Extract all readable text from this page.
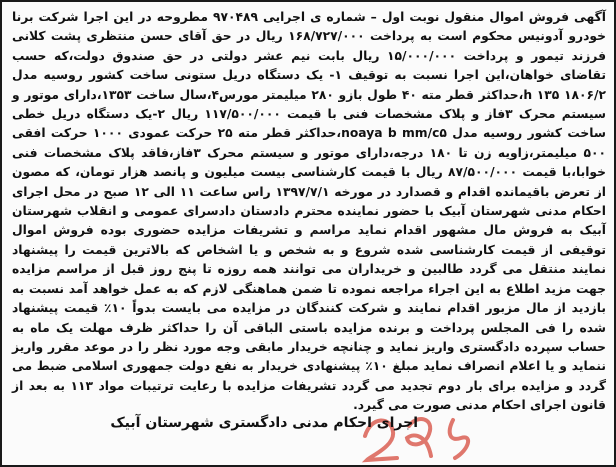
آگهی فروش اموال منقول نوبت اول – شماره ی اجرایی ۹۷۰۴۸۹ مطروحه در این اجرا شرکت برنا خودرو آدونیس محکوم است به پرداخت ۱۶۸/۷۲۷/۰۰۰ ریال در حق آقای حسن منتظری پشت کلانی فرزند تیمور و پرداخت ۱۵/۰۰۰/۰۰۰ ریال بابت نیم عشر دولتی در حق صندوق دولت،که حسب تقاضای خواهان،این اجرا نسبت به توقیف ۱- یک دستگاه دریل ستونی ساخت کشور روسیه مدل ۱۸۰۶/۲ h ۱۳۵،حداکثر قطر مته ۴۰ طول بازو ۲۸۰ میلیمتر مورس۴،سال ساخت ۱۳۵۳،دارای موتور و سیستم محرک ۳فاز و پلاک مشخصات فنی با قیمت ۱۱۷/۵۰۰/۰۰۰ ریال ۲-یک دستگاه دریل خطی ساخت کشور روسیه مدل noaya b mm/c۵،حداکثر قطر مته ۲۵ حرکت عمودی ۱۰۰۰ حرکت افقی ۵۰۰ میلیمتر،زاویه زن تا ۱۸۰ درجه،دارای موتور و سیستم محرک ۳فاز،فاقد پلاک مشخصات فنی خوابا،با قیمت ۸۷/۵۰۰/۰۰۰ ریال با قیمت کارشناسی بیست میلیون و پانصد هزار تومان، که مصون از تعرض باقیمانده اقدام و قصدارد در مورخه ۱۳۹۷/۷/۱ راس ساعت ۱۱ الی ۱۲ صبح در محل اجرای احکام مدنی شهرستان آبیک با حضور نماینده محترم دادستان دادسرای عمومی و انقلاب شهرستان آبیک به فروش مال مشهور اقدام نماید مراسم و تشریفات مزایده حضوری بوده فروش اموال توقیفی از قیمت کارشناسی شده شروع و به شخص و یا اشخاص که بالاترین قیمت را پیشنهاد نمایند منتقل می گردد طالبین و خریداران می توانند همه روزه تا پنج روز قبل از مراسم مزایده جهت مزید اطلاع به این اجراء مراجعه نموده تا ضمن هماهنگی لازم که به عمل خواهد آمد نسبت به بازدید از مال مزبور اقدام نمایند و شرکت کنندگان در مزایده می بایست بدواً ۱۰٪ قیمت پیشنهاد شده را فی المجلس پرداخت و برنده مزایده باستی الباقی آن را حداکثر ظرف مهلت یک ماه به حساب سپرده دادگستری واریز نماید و چنانچه خریدار مابقی وجه مورد نظر را در موعد مقرر واریز ننماید و یا اعلام انصراف نماید مبلغ ۱۰٪ پیشنهادی خریدار به نفع دولت جمهوری اسلامی ضبط می گردد و مزایده برای بار دوم تجدید می گردد تشریفات مزایده با رعایت ترتیبات مواد ۱۱۳ به بعد از قانون اجرای احکام مدنی صورت می گیرد.
اجرای احکام مدنی دادگستری شهرستان آبیک
